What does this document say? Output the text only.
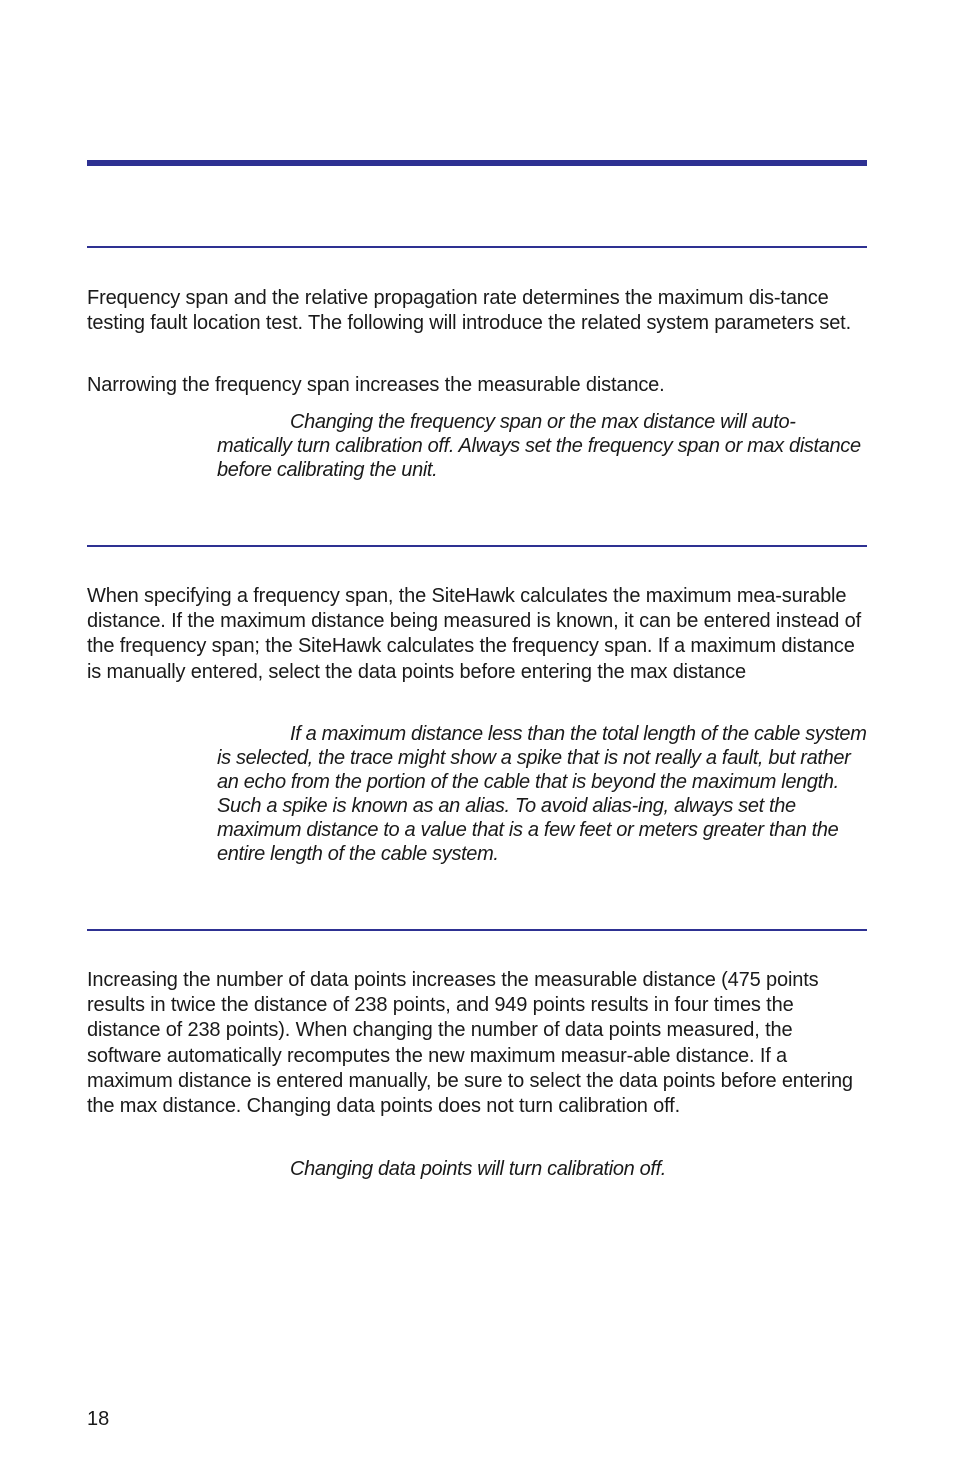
Frequency span and the relative propagation rate determines the maximum dis-tance testing fault location test. The following will introduce the related system parameters set.

Narrowing the frequency span increases the measurable distance.

Changing the frequency span or the max distance will auto-matically turn calibration off. Always set the frequency span or max distance before calibrating the unit.

When specifying a frequency span, the SiteHawk calculates the maximum mea-surable distance. If the maximum distance being measured is known, it can be entered instead of the frequency span; the SiteHawk calculates the frequency span. If a maximum distance is manually entered, select the data points before entering the max distance

If a maximum distance less than the total length of the cable system is selected, the trace might show a spike that is not really a fault, but rather an echo from the portion of the cable that is beyond the maximum length. Such a spike is known as an alias. To avoid alias-ing, always set the maximum distance to a value that is a few feet or meters greater than the entire length of the cable system.

Increasing the number of data points increases the measurable distance (475 points results in twice the distance of 238 points, and 949 points results in four times the distance of 238 points). When changing the number of data points measured, the software automatically recomputes the new maximum measur-able distance. If a maximum distance is entered manually, be sure to select the data points before entering the max distance. Changing data points does not turn calibration off.

Changing data points will turn calibration off.

18
